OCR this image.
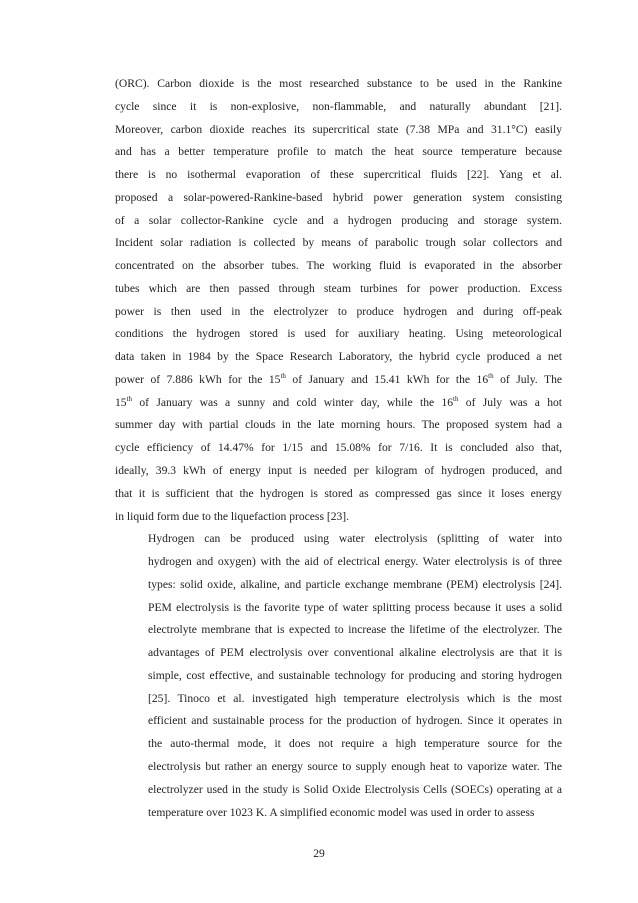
(ORC). Carbon dioxide is the most researched substance to be used in the Rankine
cycle since it is non-explosive, non-flammable, and naturally abundant [21].
Moreover, carbon dioxide reaches its supercritical state (7.38 MPa and 31.1°C) easily
and has a better temperature profile to match the heat source temperature because
there is no isothermal evaporation of these supercritical fluids [22]. Yang et al.
proposed a solar-powered-Rankine-based hybrid power generation system consisting
of a solar collector-Rankine cycle and a hydrogen producing and storage system.
Incident solar radiation is collected by means of parabolic trough solar collectors and
concentrated on the absorber tubes. The working fluid is evaporated in the absorber
tubes which are then passed through steam turbines for power production. Excess
power is then used in the electrolyzer to produce hydrogen and during off-peak
conditions the hydrogen stored is used for auxiliary heating. Using meteorological
data taken in 1984 by the Space Research Laboratory, the hybrid cycle produced a net
power of 7.886 kWh for the 15th of January and 15.41 kWh for the 16th of July. The
15th of January was a sunny and cold winter day, while the 16th of July was a hot
summer day with partial clouds in the late morning hours. The proposed system had a
cycle efficiency of 14.47% for 1/15 and 15.08% for 7/16. It is concluded also that,
ideally, 39.3 kWh of energy input is needed per kilogram of hydrogen produced, and
that it is sufficient that the hydrogen is stored as compressed gas since it loses energy
in liquid form due to the liquefaction process [23].
Hydrogen can be produced using water electrolysis (splitting of water into
hydrogen and oxygen) with the aid of electrical energy. Water electrolysis is of three
types: solid oxide, alkaline, and particle exchange membrane (PEM) electrolysis [24].
PEM electrolysis is the favorite type of water splitting process because it uses a solid
electrolyte membrane that is expected to increase the lifetime of the electrolyzer. The
advantages of PEM electrolysis over conventional alkaline electrolysis are that it is
simple, cost effective, and sustainable technology for producing and storing hydrogen
[25]. Tinoco et al. investigated high temperature electrolysis which is the most
efficient and sustainable process for the production of hydrogen. Since it operates in
the auto-thermal mode, it does not require a high temperature source for the
electrolysis but rather an energy source to supply enough heat to vaporize water. The
electrolyzer used in the study is Solid Oxide Electrolysis Cells (SOECs) operating at a
temperature over 1023 K. A simplified economic model was used in order to assess
29
